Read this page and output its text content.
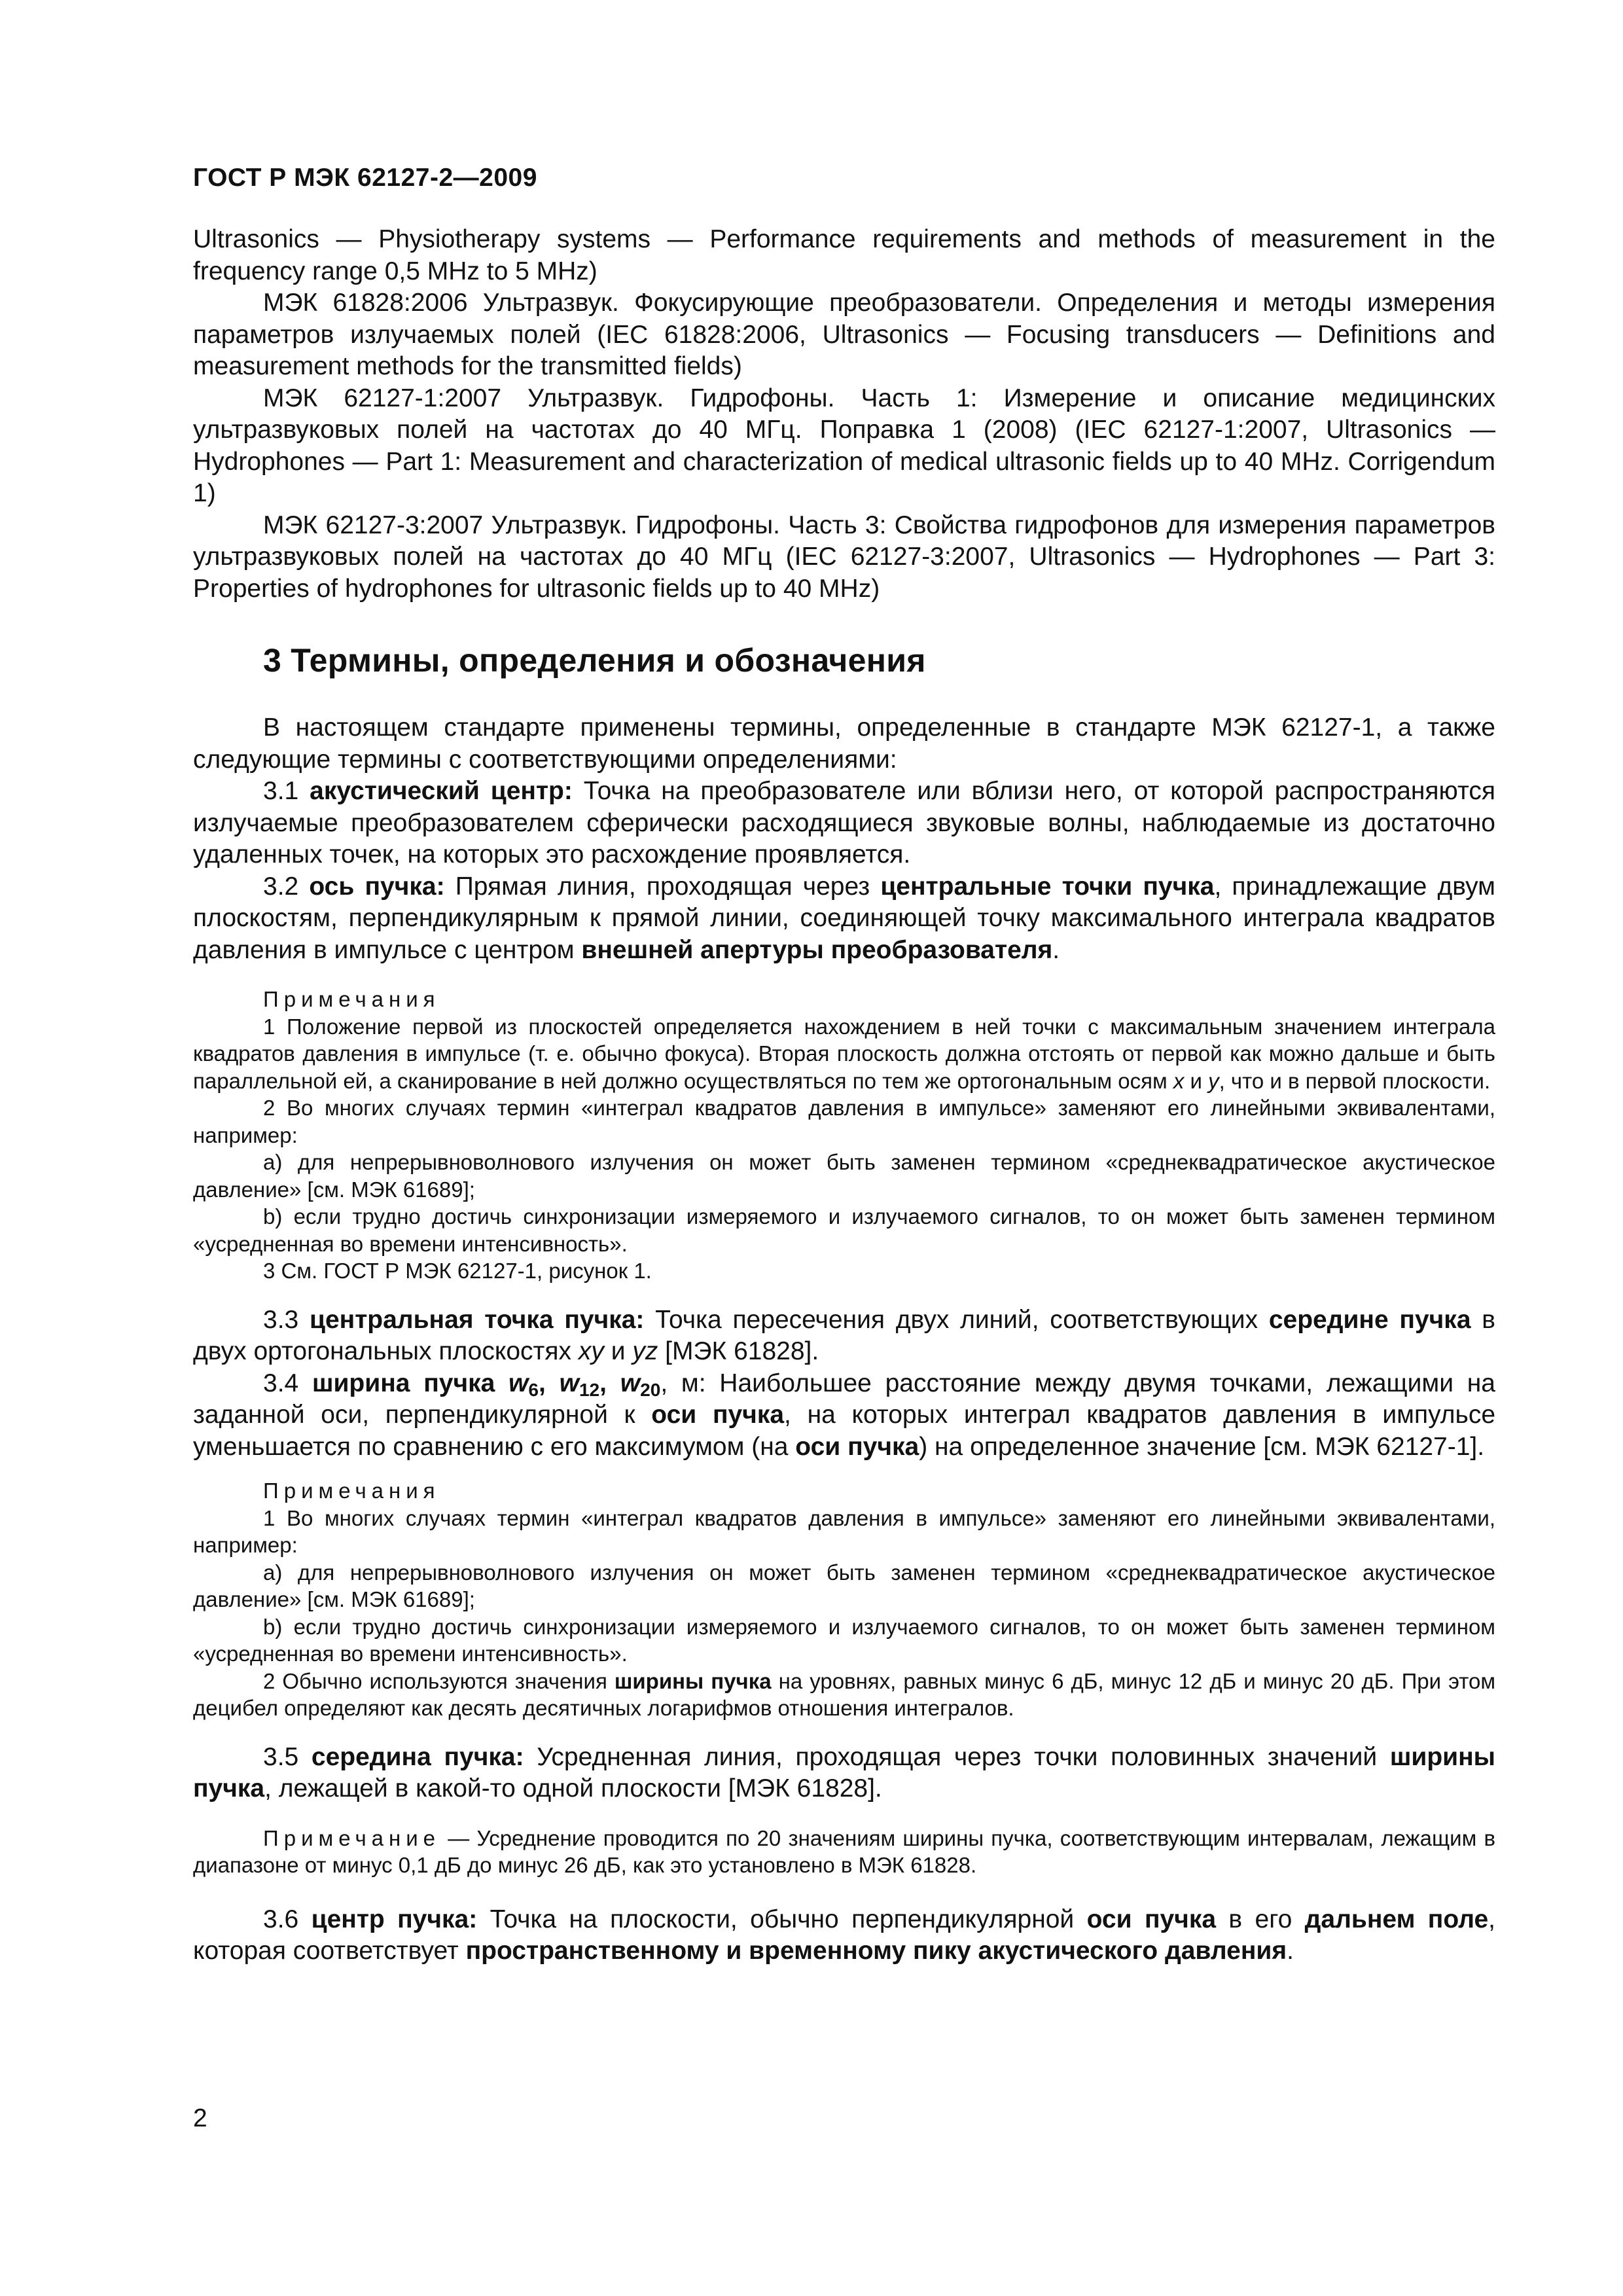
ГОСТ Р МЭК 62127-2—2009

Ultrasonics — Physiotherapy systems — Performance requirements and methods of measurement in the frequency range 0,5 MHz to 5 MHz)

МЭК 61828:2006 Ультразвук. Фокусирующие преобразователи. Определения и методы измерения параметров излучаемых полей (IEC 61828:2006, Ultrasonics — Focusing transducers — Definitions and measurement methods for the transmitted fields)

МЭК 62127-1:2007 Ультразвук. Гидрофоны. Часть 1: Измерение и описание медицинских ультразвуковых полей на частотах до 40 МГц. Поправка 1 (2008) (IEC 62127-1:2007, Ultrasonics — Hydrophones — Part 1: Measurement and characterization of medical ultrasonic fields up to 40 MHz. Corrigendum 1)

МЭК 62127-3:2007 Ультразвук. Гидрофоны. Часть 3: Свойства гидрофонов для измерения параметров ультразвуковых полей на частотах до 40 МГц (IEC 62127-3:2007, Ultrasonics — Hydrophones — Part 3: Properties of hydrophones for ultrasonic fields up to 40 MHz)

3 Термины, определения и обозначения

В настоящем стандарте применены термины, определенные в стандарте МЭК 62127-1, а также следующие термины с соответствующими определениями:

3.1 акустический центр: Точка на преобразователе или вблизи него, от которой распространяются излучаемые преобразователем сферически расходящиеся звуковые волны, наблюдаемые из достаточно удаленных точек, на которых это расхождение проявляется.

3.2 ось пучка: Прямая линия, проходящая через центральные точки пучка, принадлежащие двум плоскостям, перпендикулярным к прямой линии, соединяющей точку максимального интеграла квадратов давления в импульсе с центром внешней апертуры преобразователя.

Примечания

1 Положение первой из плоскостей определяется нахождением в ней точки с максимальным значением интеграла квадратов давления в импульсе (т. е. обычно фокуса). Вторая плоскость должна отстоять от первой как можно дальше и быть параллельной ей, а сканирование в ней должно осуществляться по тем же ортогональным осям x и y, что и в первой плоскости.

2 Во многих случаях термин «интеграл квадратов давления в импульсе» заменяют его линейными эквивалентами, например:

a) для непрерывноволнового излучения он может быть заменен термином «среднеквадратическое акустическое давление» [см. МЭК 61689];

b) если трудно достичь синхронизации измеряемого и излучаемого сигналов, то он может быть заменен термином «усредненная во времени интенсивность».

3 См. ГОСТ Р МЭК 62127-1, рисунок 1.

3.3 центральная точка пучка: Точка пересечения двух линий, соответствующих середине пучка в двух ортогональных плоскостях xy и yz [МЭК 61828].

3.4 ширина пучка $w_6$, $w_{12}$, $w_{20}$, м: Наибольшее расстояние между двумя точками, лежащими на заданной оси, перпендикулярной к оси пучка, на которых интеграл квадратов давления в импульсе уменьшается по сравнению с его максимумом (на оси пучка) на определенное значение [см. МЭК 62127-1].

Примечания

1 Во многих случаях термин «интеграл квадратов давления в импульсе» заменяют его линейными эквивалентами, например:

a) для непрерывноволнового излучения он может быть заменен термином «среднеквадратическое акустическое давление» [см. МЭК 61689];

b) если трудно достичь синхронизации измеряемого и излучаемого сигналов, то он может быть заменен термином «усредненная во времени интенсивность».

2 Обычно используются значения ширины пучка на уровнях, равных минус 6 дБ, минус 12 дБ и минус 20 дБ. При этом децибел определяют как десять десятичных логарифмов отношения интегралов.

3.5 середина пучка: Усредненная линия, проходящая через точки половинных значений ширины пучка, лежащей в какой-то одной плоскости [МЭК 61828].

Примечание — Усреднение проводится по 20 значениям ширины пучка, соответствующим интервалам, лежащим в диапазоне от минус 0,1 дБ до минус 26 дБ, как это установлено в МЭК 61828.

3.6 центр пучка: Точка на плоскости, обычно перпендикулярной оси пучка в его дальнем поле, которая соответствует пространственному и временному пику акустического давления.

2
